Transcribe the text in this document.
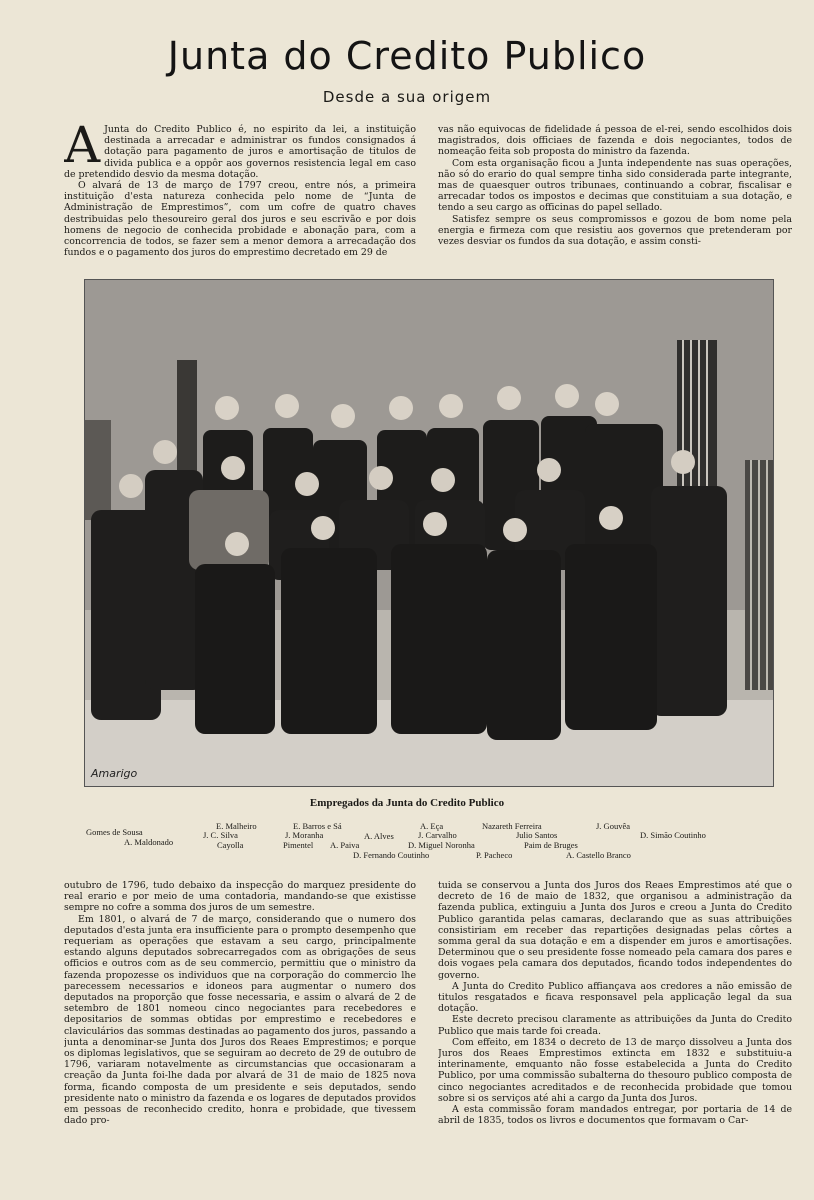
Junta do Credito Publico
Desde a sua origem

A Junta do Credito Publico é, no espirito da lei, a instituição destinada a arrecadar e administrar os fundos consignados á dotação para pagamento de juros e amortisação de titulos de divida publica e a oppôr aos governos resistencia legal em caso de pretendido desvio da mesma dotação.

O alvará de 13 de março de 1797 creou, entre nós, a primeira instituição d'esta natureza conhecida pelo nome de “Junta de Administração de Emprestimos”, com um cofre de quatro chaves destribuidas pelo thesoureiro geral dos juros e seu escrivão e por dois homens de negocio de conhecida probidade e abonação para, com a concorrencia de todos, se fazer sem a menor demora a arrecadação dos fundos e o pagamento dos juros do emprestimo decretado em 29 de

vas não equivocas de fidelidade á pessoa de el-rei, sendo escolhidos dois magistrados, dois officiaes de fazenda e dois negociantes, todos de nomeação feita sob proposta do ministro da fazenda.

Com esta organisação ficou a Junta independente nas suas operações, não só do erario do qual sempre tinha sido considerada parte integrante, mas de quaesquer outros tribunaes, continuando a cobrar, fiscalisar e arrecadar todos os impostos e decimas que constituiam a sua dotação, e tendo a seu cargo as officinas do papel sellado.

Satisfez sempre os seus compromissos e gozou de bom nome pela energia e firmeza com que resistiu aos governos que pretenderam por vezes desviar os fundos da sua dotação, e assim consti-

Amarigo
Empregados da Junta do Credito Publico
E. Malheiro	E. Barros e Sá	A. Eça	Nazareth Ferreira	J. Gouvêa
Gomes de Sousa	J. C. Silva	J. Moranha	A. Alves	J. Carvalho	Julio Santos	D. Simão Coutinho
A. Maldonado	Cayolla	Pimentel A. Paiva	D. Miguel Noronha	Paim de Bruges
D. Fernando Coutinho	P. Pacheco	A. Castello Branco

outubro de 1796, tudo debaixo da inspecção do marquez presidente do real erario e por meio de uma contadoria, mandando-se que existisse sempre no cofre a somma dos juros de um semestre.

Em 1801, o alvará de 7 de março, considerando que o numero dos deputados d'esta junta era insufficiente para o prompto desempenho que requeriam as operações que estavam a seu cargo, principalmente estando alguns deputados sobrecarregados com as obrigações de seus officios e outros com as de seu commercio, permittiu que o ministro da fazenda propozesse os individuos que na corporação do commercio lhe parecessem necessarios e idoneos para augmentar o numero dos deputados na proporção que fosse necessaria, e assim o alvará de 2 de setembro de 1801 nomeou cinco negociantes para recebedores e depositarios de sommas obtidas por emprestimo e recebedores e claviculários das sommas destinadas ao pagamento dos juros, passando a junta a denominar-se Junta dos Juros dos Reaes Emprestimos; e porque os diplomas legislativos, que se seguiram ao decreto de 29 de outubro de 1796, variaram notavelmente as circumstancias que occasionaram a creação da Junta foi-lhe dada por alvará de 31 de maio de 1825 nova forma, ficando composta de um presidente e seis deputados, sendo presidente nato o ministro da fazenda e os logares de deputados providos em pessoas de reconhecido credito, honra e probidade, que tivessem dado pro-

tuida se conservou a Junta dos Juros dos Reaes Emprestimos até que o decreto de 16 de maio de 1832, que organisou a administração da fazenda publica, extinguiu a Junta dos Juros e creou a Junta do Credito Publico garantida pelas camaras, declarando que as suas attribuições consistiriam em receber das repartições designadas pelas côrtes a somma geral da sua dotação e em a dispender em juros e amortisações. Determinou que o seu presidente fosse nomeado pela camara dos pares e dois vogaes pela camara dos deputados, ficando todos independentes do governo.

A Junta do Credito Publico affiançava aos credores a não emissão de titulos resgatados e ficava responsavel pela applicação legal da sua dotação.

Este decreto precisou claramente as attribuições da Junta do Credito Publico que mais tarde foi creada.

Com effeito, em 1834 o decreto de 13 de março dissolveu a Junta dos Juros dos Reaes Emprestimos extincta em 1832 e substituiu-a interinamente, emquanto não fosse estabelecida a Junta do Credito Publico, por uma commissão subalterna do thesouro publico composta de cinco negociantes acreditados e de reconhecida probidade que tomou sobre si os serviços até ahi a cargo da Junta dos Juros.

A esta commissão foram mandados entregar, por portaria de 14 de abril de 1835, todos os livros e documentos que formavam o Car-
